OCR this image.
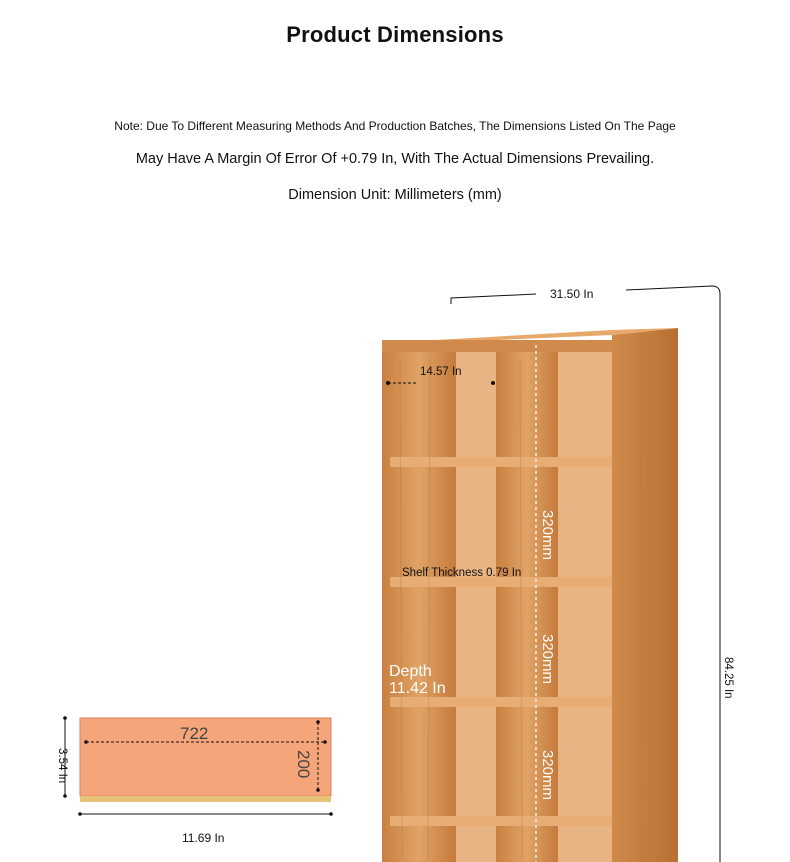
Product Dimensions
Note: Due To Different Measuring Methods And Production Batches, The Dimensions Listed On The Page
May Have A Margin Of Error Of +0.79 In, With The Actual Dimensions Prevailing.
Dimension Unit: Millimeters (mm)
31.50 In
14.57 In
Shelf Thickness 0.79 In
Depth
11.42 In	84.25 In
320mm
320mm
320mm
722
200
11.69 In
3.54 In
